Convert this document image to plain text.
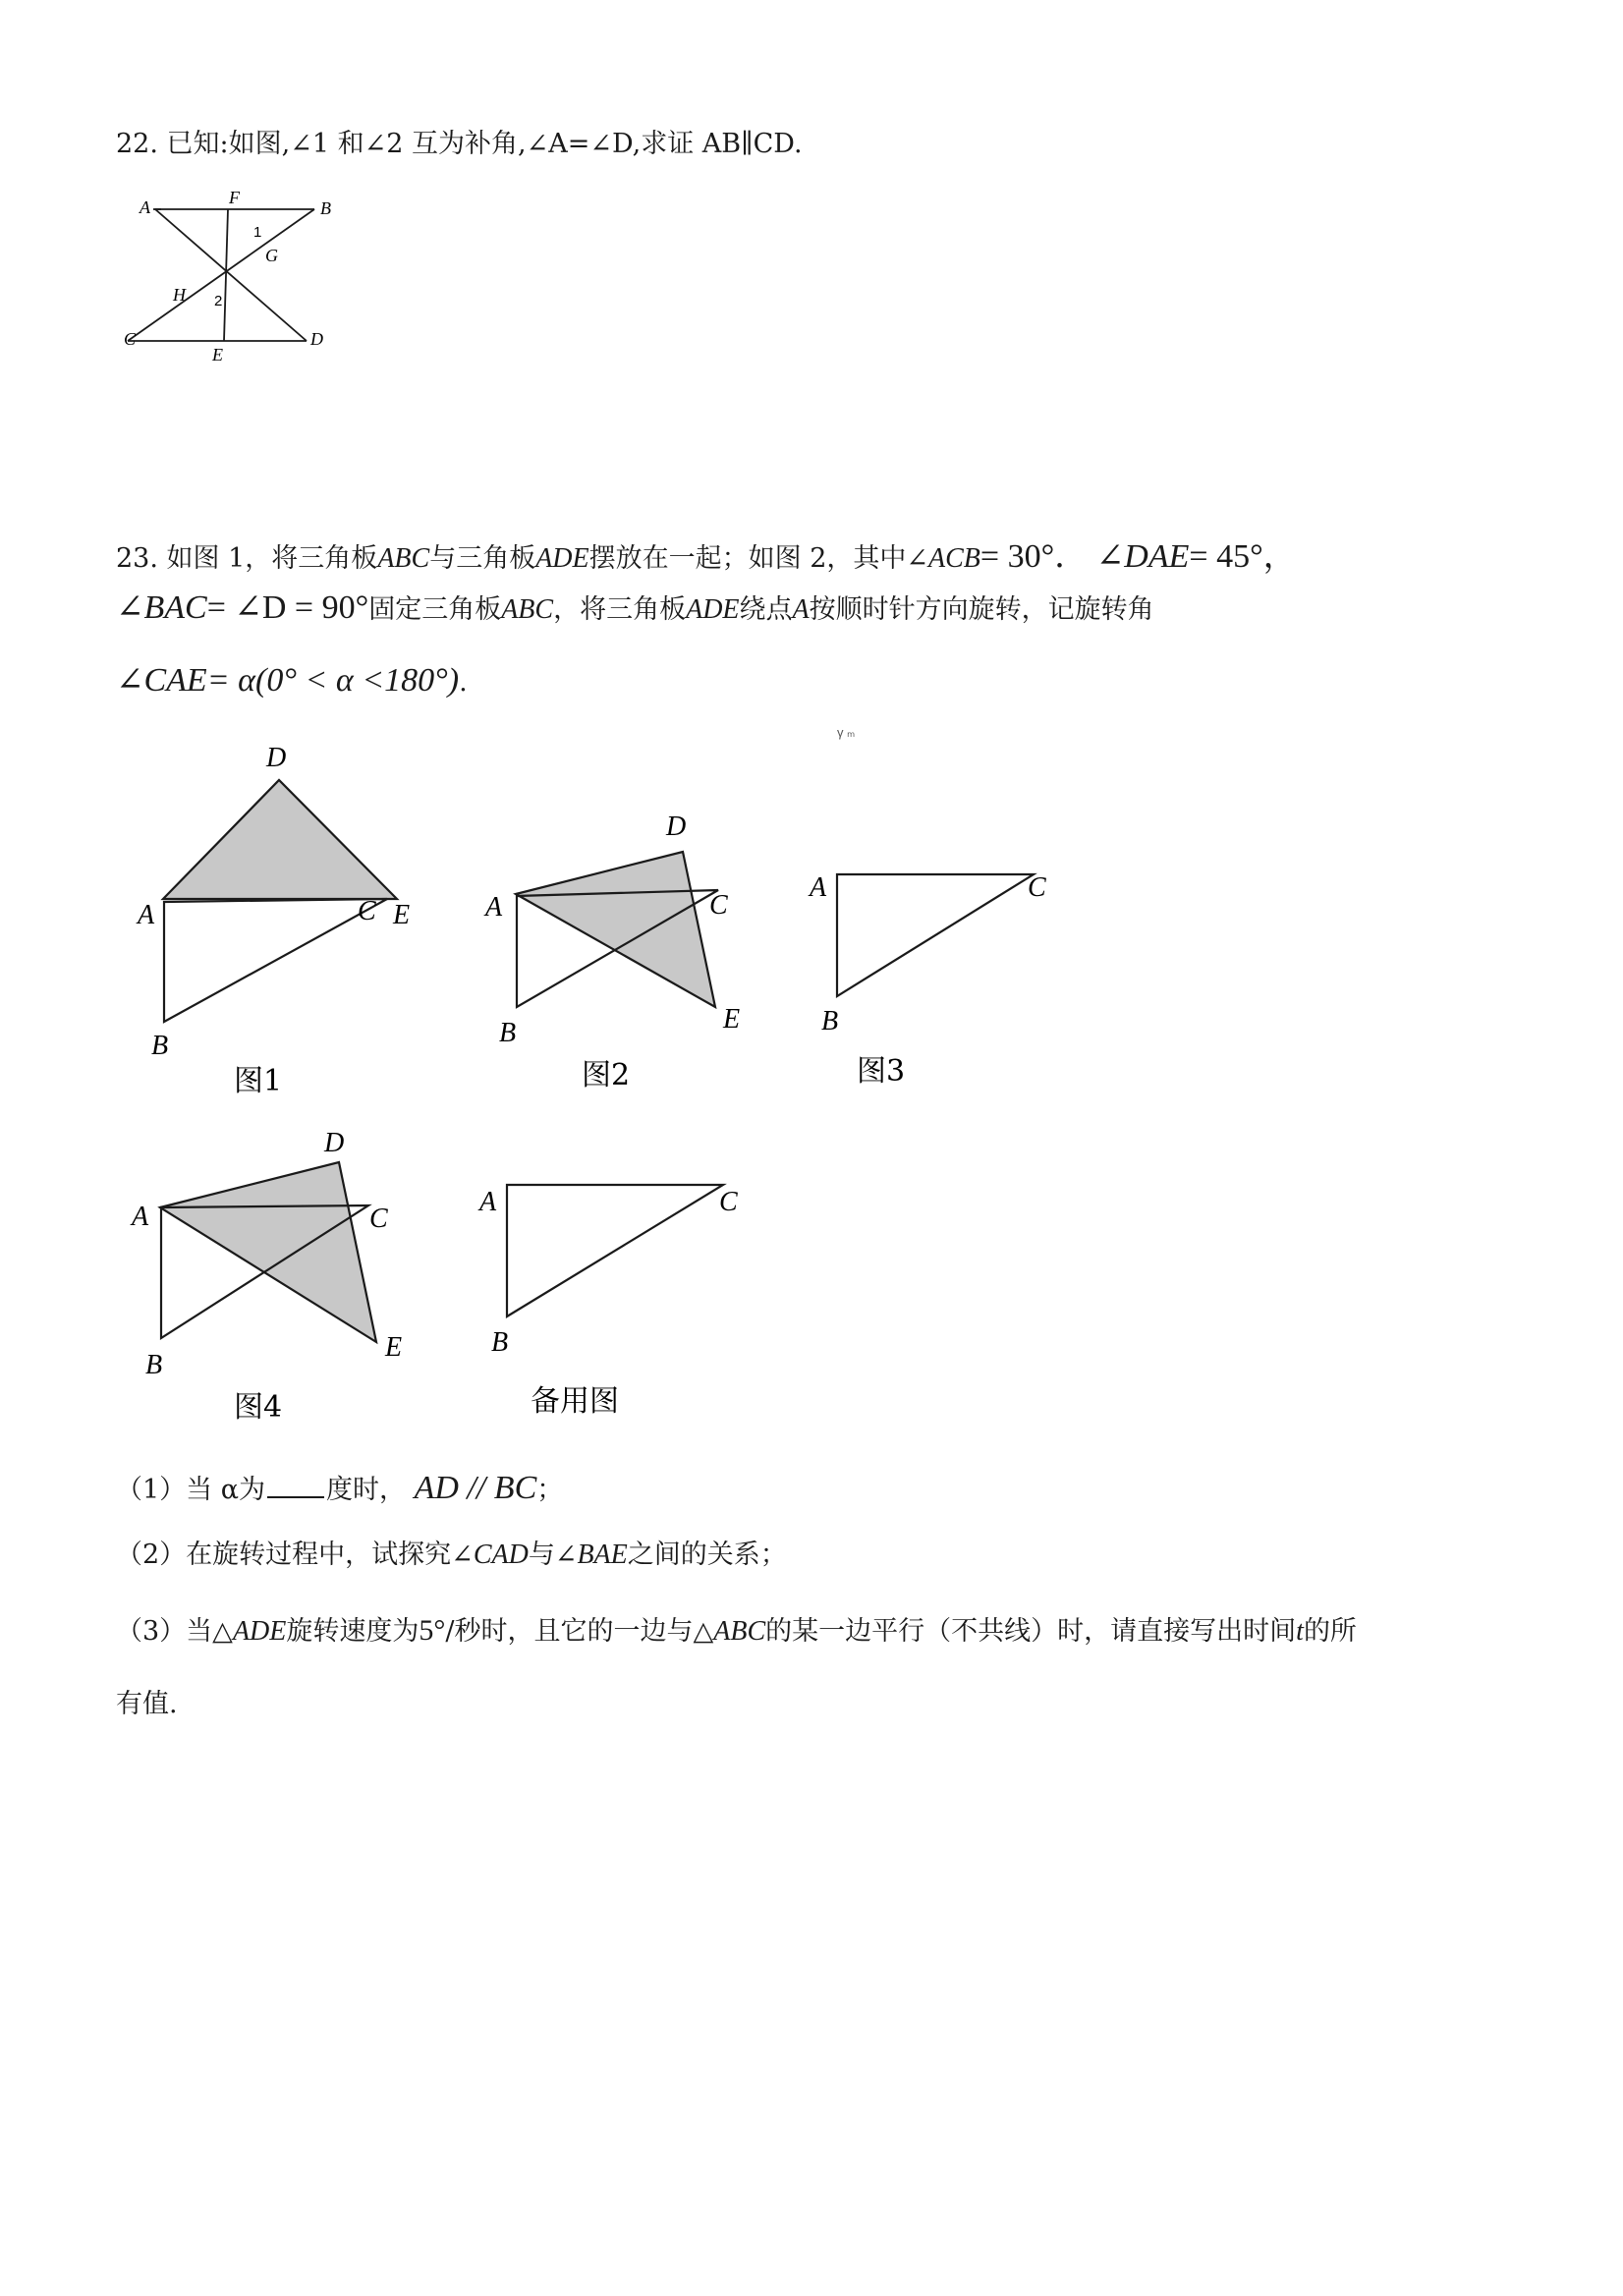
22. 已知:如图,∠1 和∠2 互为补角,∠A=∠D,求证 AB∥CD.
A	F
B
1
G
H 2
C
E
D
23. 如图 1，将三角板ABC与三角板ADE摆放在一起；如图 2，其中∠ACB= 30°． ∠DAE= 45°，
∠BAC= ∠D = 90°固定三角板ABC，将三角板ADE绕点A按顺时针方向旋转，记旋转角
∠CAE= α(0° < α <180°).
γ ₘ
D
A	C E
B
图1
D
A	C
E
B
图2
A	C
B
图3
D
A	C
E
B
图4
A	C
B
备用图
（1）当 α为 度时， AD // BC；
（2）在旋转过程中，试探究∠CAD与∠BAE之间的关系；
（3）当△ADE旋转速度为5°/秒时，且它的一边与△ABC的某一边平行（不共线）时，请直接写出时间t的所
有值.
